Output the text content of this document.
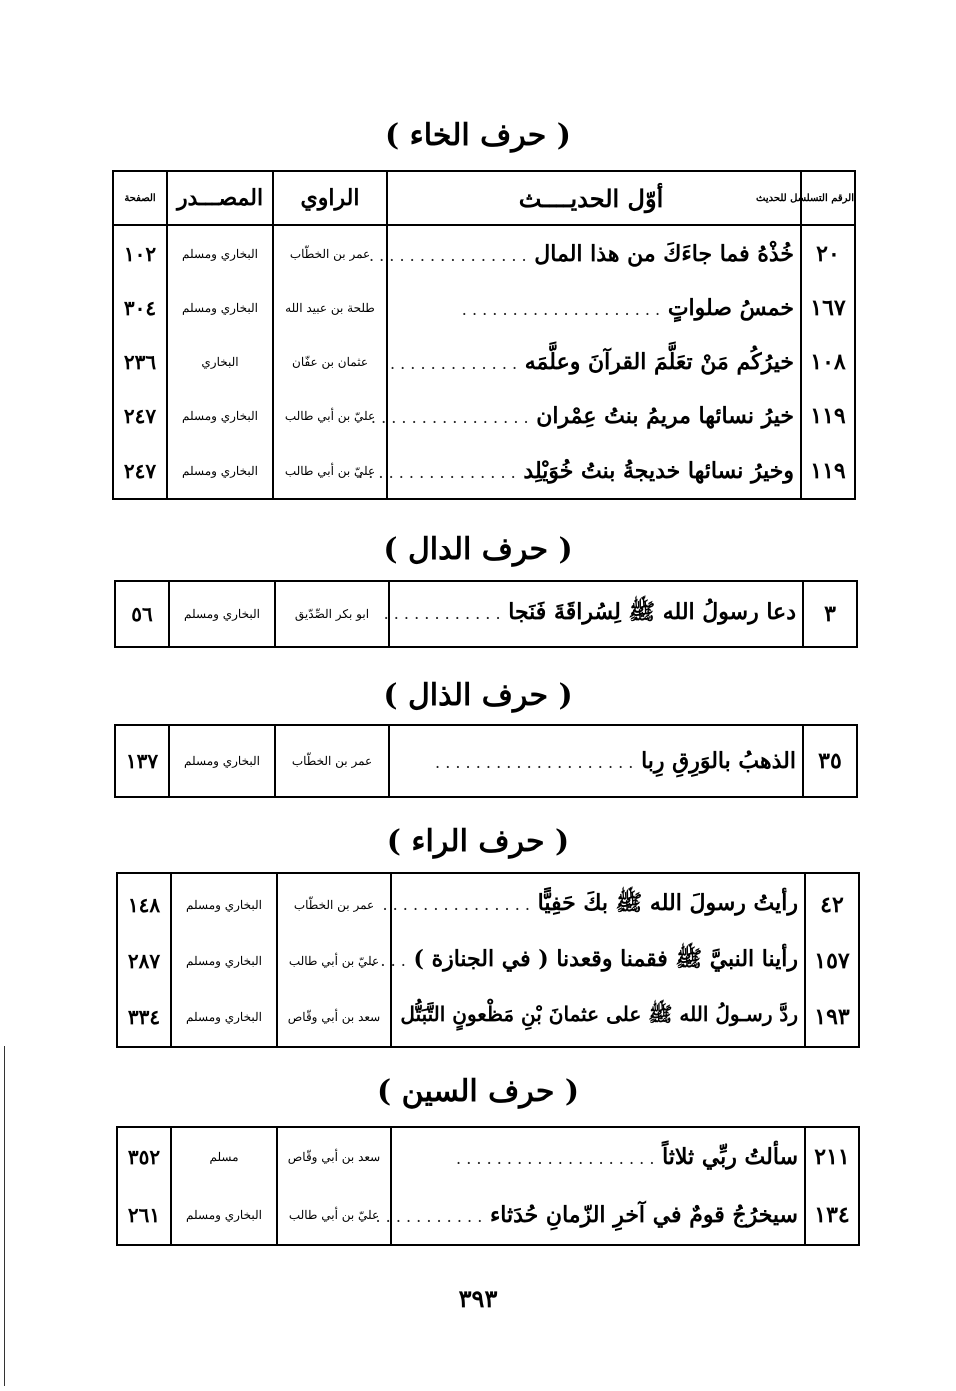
( حرف الخاء )
الرقم التسلسل للحديث	أوّل الحديــــث	الراوي	المصـــدر	الصفحة
٢٠	خُذْهُ فما جاءَكَ من هذا المال . . . . . . . . . . . . . . . .	عمر بن الخطّاب	البخاري ومسلم	١٠٢
١٦٧	خمسُ صلواتٍ . . . . . . . . . . . . . . . . . . . .	طلحة بن عبيد الله	البخاري ومسلم	٣٠٤
١٠٨	خيرُكُم مَنْ تعَلَّمَ القرآنَ وعلَّمَه . . . . . . . . . . . . .	عثمان بن عفّان	البخاري	٢٣٦
١١٩	خيرُ نسائها مريمُ بنتُ عِمْران . . . . . . . . . . . . . . . .	عليّ بن أبي طالب	البخاري ومسلم	٢٤٧
١١٩	وخيرُ نسائها خديجةُ بنتُ خُوَيْلِد . . . . . . . . . . . . . . . .	عليّ بن أبي طالب	البخاري ومسلم	٢٤٧
( حرف الدال )
٣	دعا رسولُ الله ﷺ لِسُراقَةَ فَنَجا . . . . . . . . . . . .	ابو بكر الصِّدّيق	البخاري ومسلم	٥٦
( حرف الذال )
٣٥	الذهبُ بالوَرِقِ رِبا . . . . . . . . . . . . . . . . . . . .	عمر بن الخطّاب	البخاري ومسلم	١٣٧
( حرف الراء )
٤٢	رأيتُ رسولَ الله ﷺ بكَ حَفِيًّا . . . . . . . . . . . . . . .	عمر بن الخطّاب	البخاري ومسلم	١٤٨
١٥٧	رأينا النبيَّ ﷺ فقمنا وقعدنا ( في الجنازة ) . . . .	عليّ بن أبي طالب	البخاري ومسلم	٢٨٧
١٩٣	ردَّ رسـولُ الله ﷺ على عثمانَ بْنِ مَظْعونٍ التَّبَتُّل	سعد بن أبي وقّاص	البخاري ومسلم	٣٣٤
( حرف السين )
٢١١	سألتُ ربِّي ثلاثاً . . . . . . . . . . . . . . . . . . . .	سعد بن أبي وقّاص	مسلم	٣٥٢
١٣٤	سيخرُجُ قومٌ في آخرِ الزّمانِ حُدَثاء . . . . . . . . . . .	عليّ بن أبي طالب	البخاري ومسلم	٢٦١
٣٩٣
